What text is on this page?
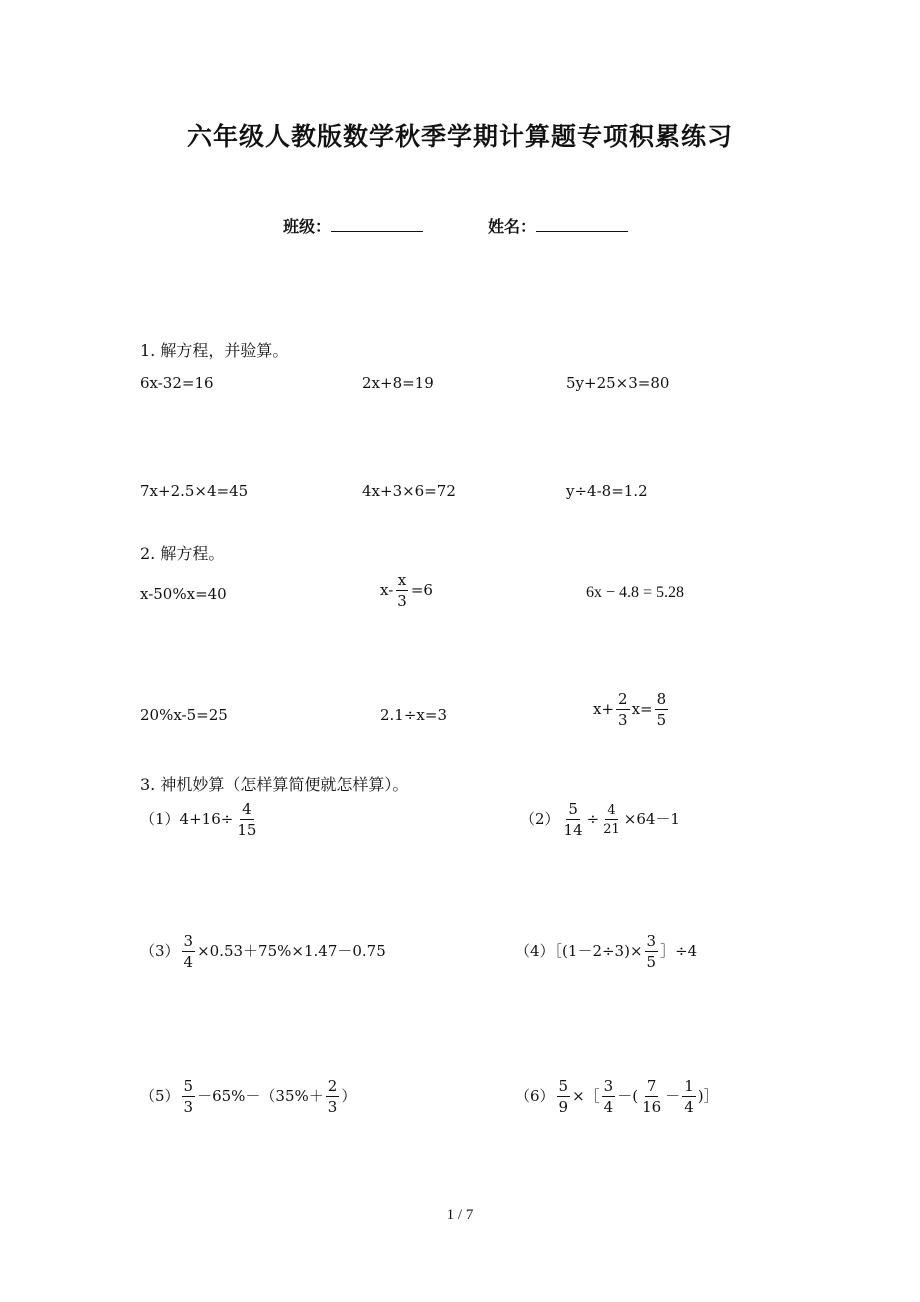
六年级人教版数学秋季学期计算题专项积累练习
班级：	姓名：
1. 解方程，并验算。
6x-32=16	2x+8=19	5y+25×3=80
7x+2.5×4=45	4x+3×6=72	y÷4-8=1.2
2. 解方程。
x-50%x=40	$x- \frac{x}{3} =6$	6x − 4.8 = 5.28
20%x-5=25	2.1÷x=3	$x+ \frac{2}{3} x= \frac{8}{5}$
3. 神机妙算（怎样算简便就怎样算）。
$(1)4+16\div \frac{4}{15}$	$(2) \frac{5}{14} \div \frac{4}{21} \times 64-1$
$(3) \frac{3}{4} \times 0.53+75\%\times 1.47-0.75$	（4）［(1－2÷3)× $\frac{3}{5}$ ］÷4
$(5) \frac{5}{3} -65\%-(35\%+ \frac{2}{3}$ ）	$(6) \frac{5}{9}$ ×［ $\frac{3}{4}$ －( $\frac{7}{16} - \frac{1}{4}$ )］
1 / 7
